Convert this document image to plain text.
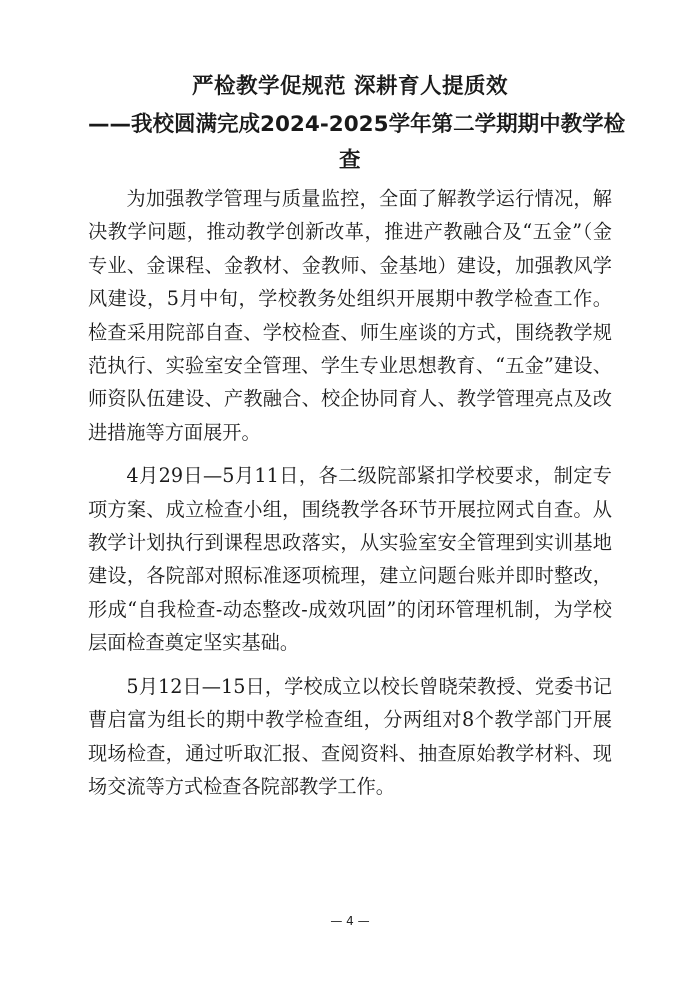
严检教学促规范 深耕育人提质效
——我校圆满完成2024-2025学年第二学期期中教学检
查

为加强教学管理与质量监控，全面了解教学运行情况，解决教学问题，推动教学创新改革，推进产教融合及“五金”（金专业、金课程、金教材、金教师、金基地）建设，加强教风学风建设，5月中旬，学校教务处组织开展期中教学检查工作。检查采用院部自查、学校检查、师生座谈的方式，围绕教学规范执行、实验室安全管理、学生专业思想教育、“五金”建设、师资队伍建设、产教融合、校企协同育人、教学管理亮点及改进措施等方面展开。

4月29日—5月11日，各二级院部紧扣学校要求，制定专项方案、成立检查小组，围绕教学各环节开展拉网式自查。从教学计划执行到课程思政落实，从实验室安全管理到实训基地建设，各院部对照标准逐项梳理，建立问题台账并即时整改，形成“自我检查-动态整改-成效巩固”的闭环管理机制，为学校层面检查奠定坚实基础。

5月12日—15日，学校成立以校长曾晓荣教授、党委书记曹启富为组长的期中教学检查组，分两组对8个教学部门开展现场检查，通过听取汇报、查阅资料、抽查原始教学材料、现场交流等方式检查各院部教学工作。

— 4 —
